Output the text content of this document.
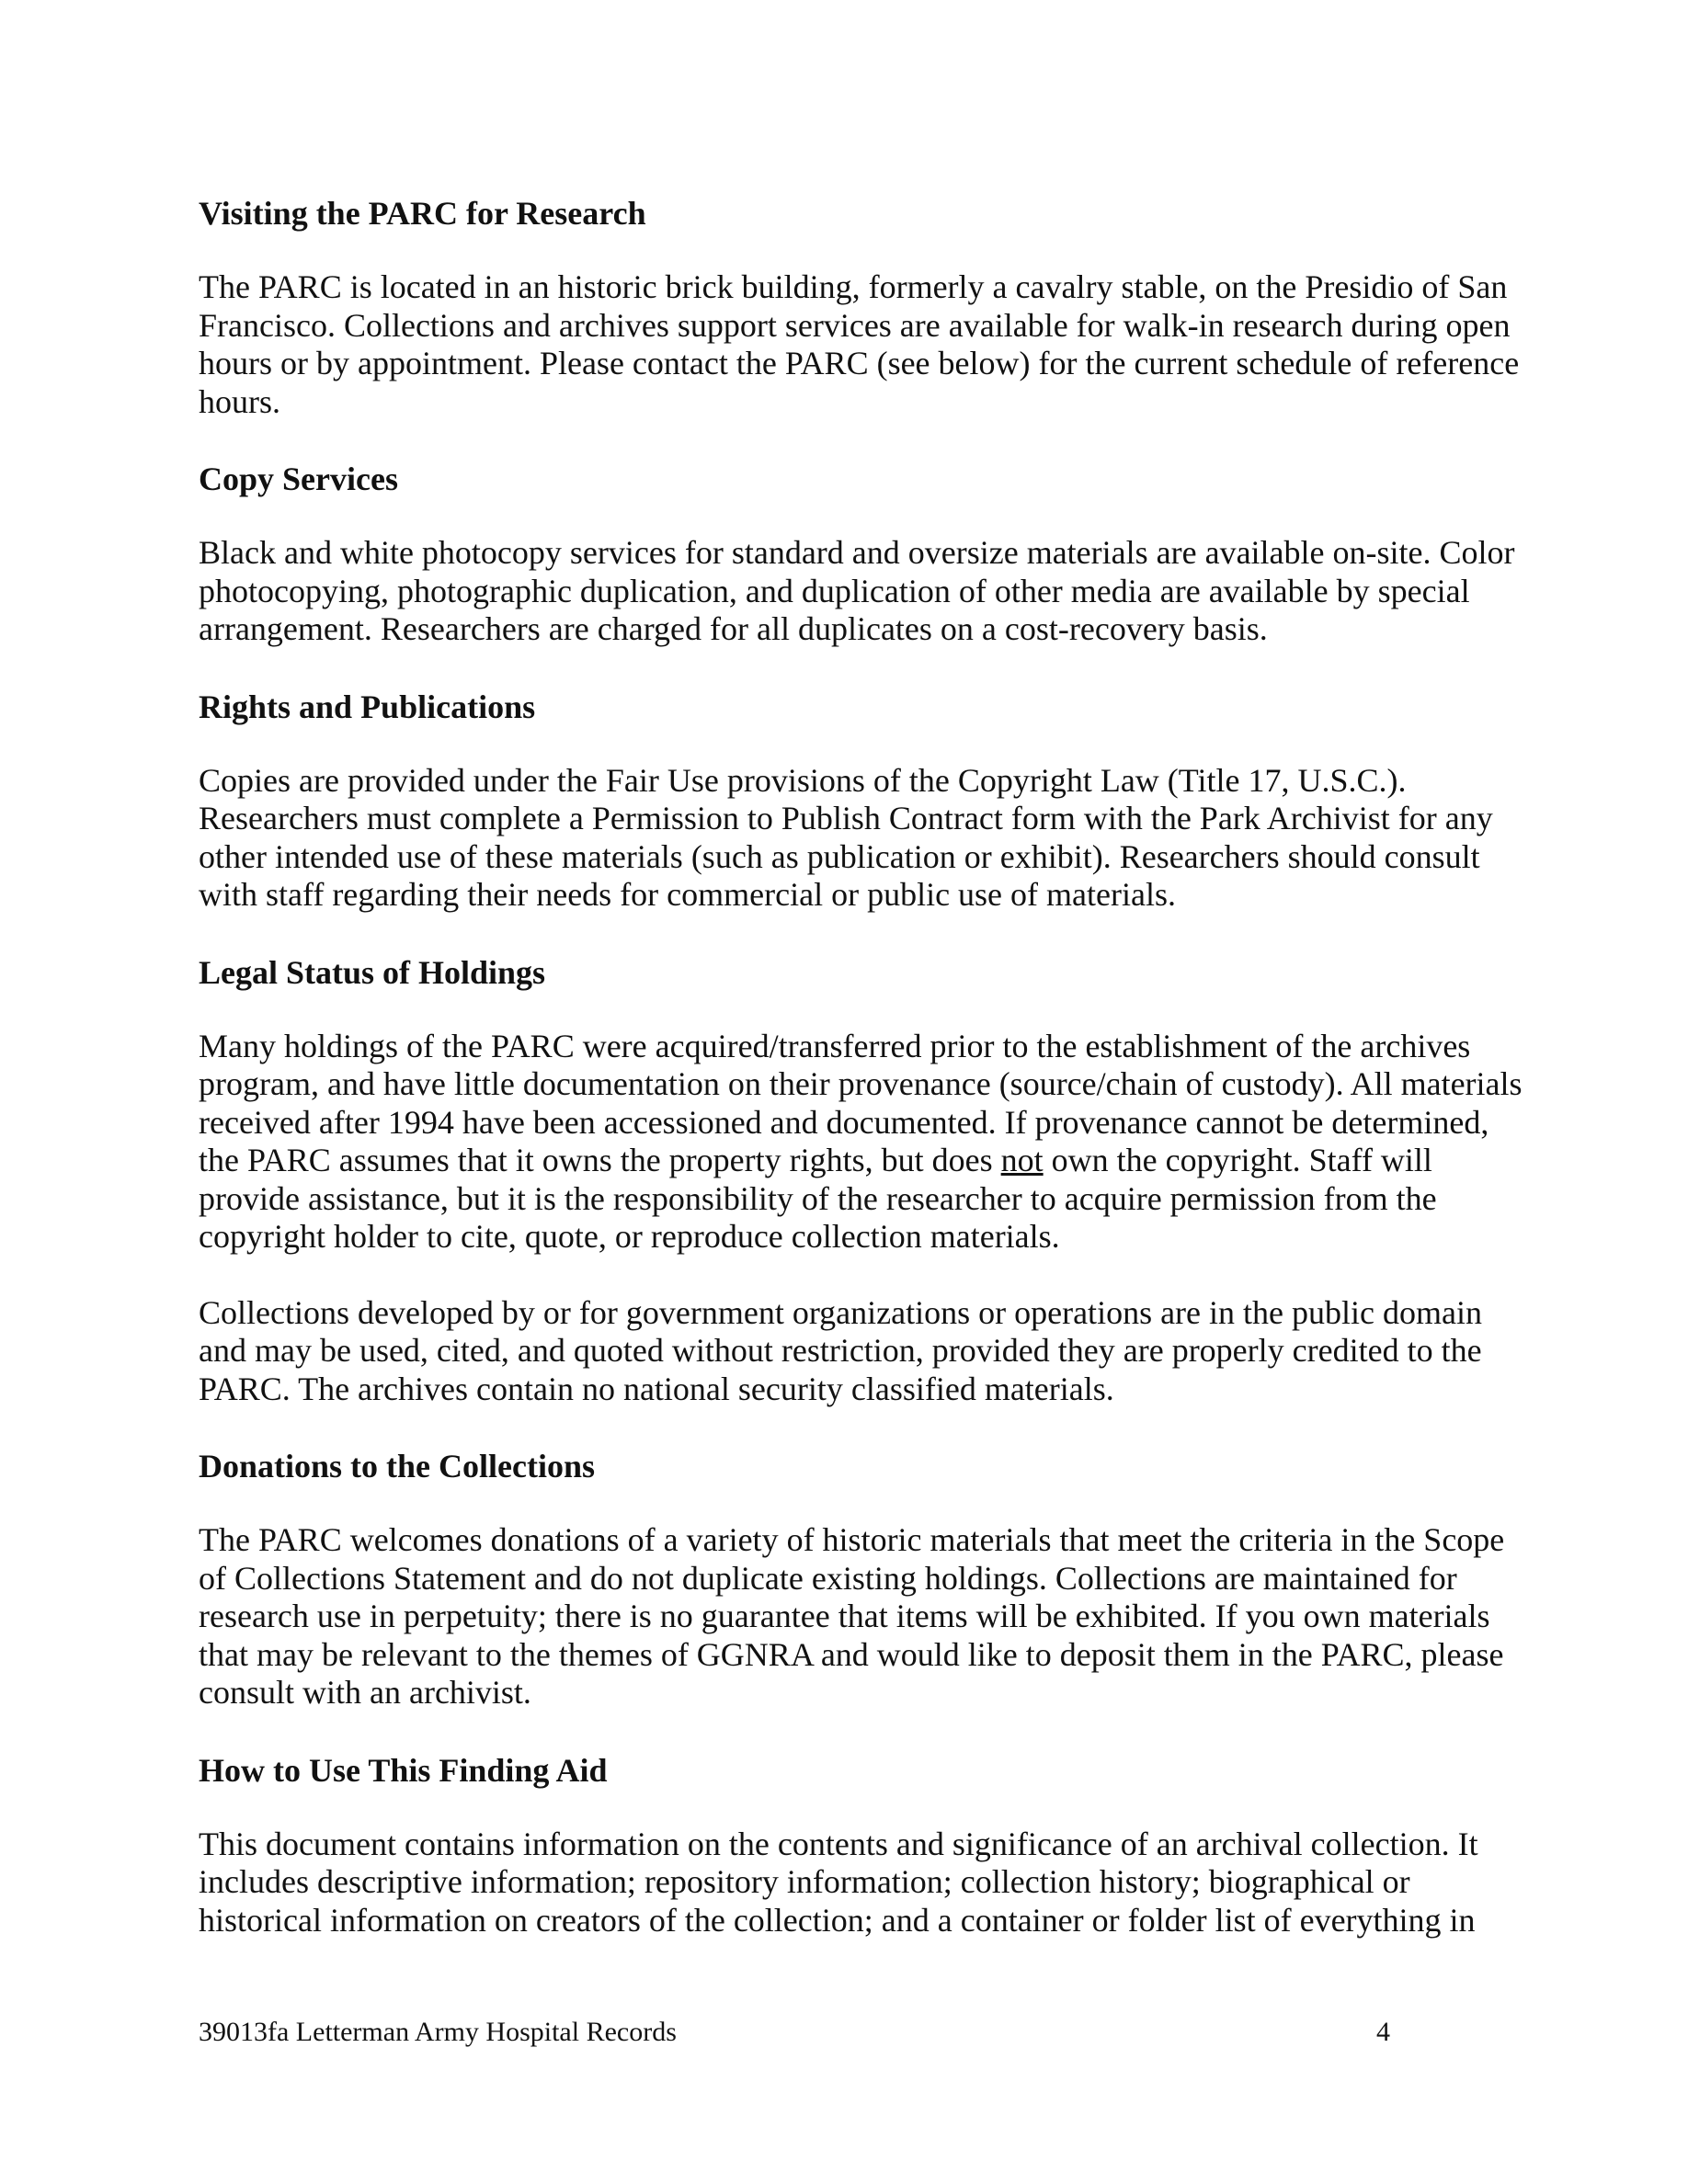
Visiting the PARC for Research

The PARC is located in an historic brick building, formerly a cavalry stable, on the Presidio of San Francisco. Collections and archives support services are available for walk-in research during open hours or by appointment. Please contact the PARC (see below) for the current schedule of reference hours.

Copy Services

Black and white photocopy services for standard and oversize materials are available on-site. Color photocopying, photographic duplication, and duplication of other media are available by special arrangement. Researchers are charged for all duplicates on a cost-recovery basis.

Rights and Publications

Copies are provided under the Fair Use provisions of the Copyright Law (Title 17, U.S.C.). Researchers must complete a Permission to Publish Contract form with the Park Archivist for any other intended use of these materials (such as publication or exhibit). Researchers should consult with staff regarding their needs for commercial or public use of materials.

Legal Status of Holdings

Many holdings of the PARC were acquired/transferred prior to the establishment of the archives program, and have little documentation on their provenance (source/chain of custody). All materials received after 1994 have been accessioned and documented. If provenance cannot be determined, the PARC assumes that it owns the property rights, but does not own the copyright. Staff will provide assistance, but it is the responsibility of the researcher to acquire permission from the copyright holder to cite, quote, or reproduce collection materials.

Collections developed by or for government organizations or operations are in the public domain and may be used, cited, and quoted without restriction, provided they are properly credited to the PARC. The archives contain no national security classified materials.

Donations to the Collections

The PARC welcomes donations of a variety of historic materials that meet the criteria in the Scope of Collections Statement and do not duplicate existing holdings. Collections are maintained for research use in perpetuity; there is no guarantee that items will be exhibited. If you own materials that may be relevant to the themes of GGNRA and would like to deposit them in the PARC, please consult with an archivist.

How to Use This Finding Aid

This document contains information on the contents and significance of an archival collection. It includes descriptive information; repository information; collection history; biographical or historical information on creators of the collection; and a container or folder list of everything in

39013fa Letterman Army Hospital Records	4
